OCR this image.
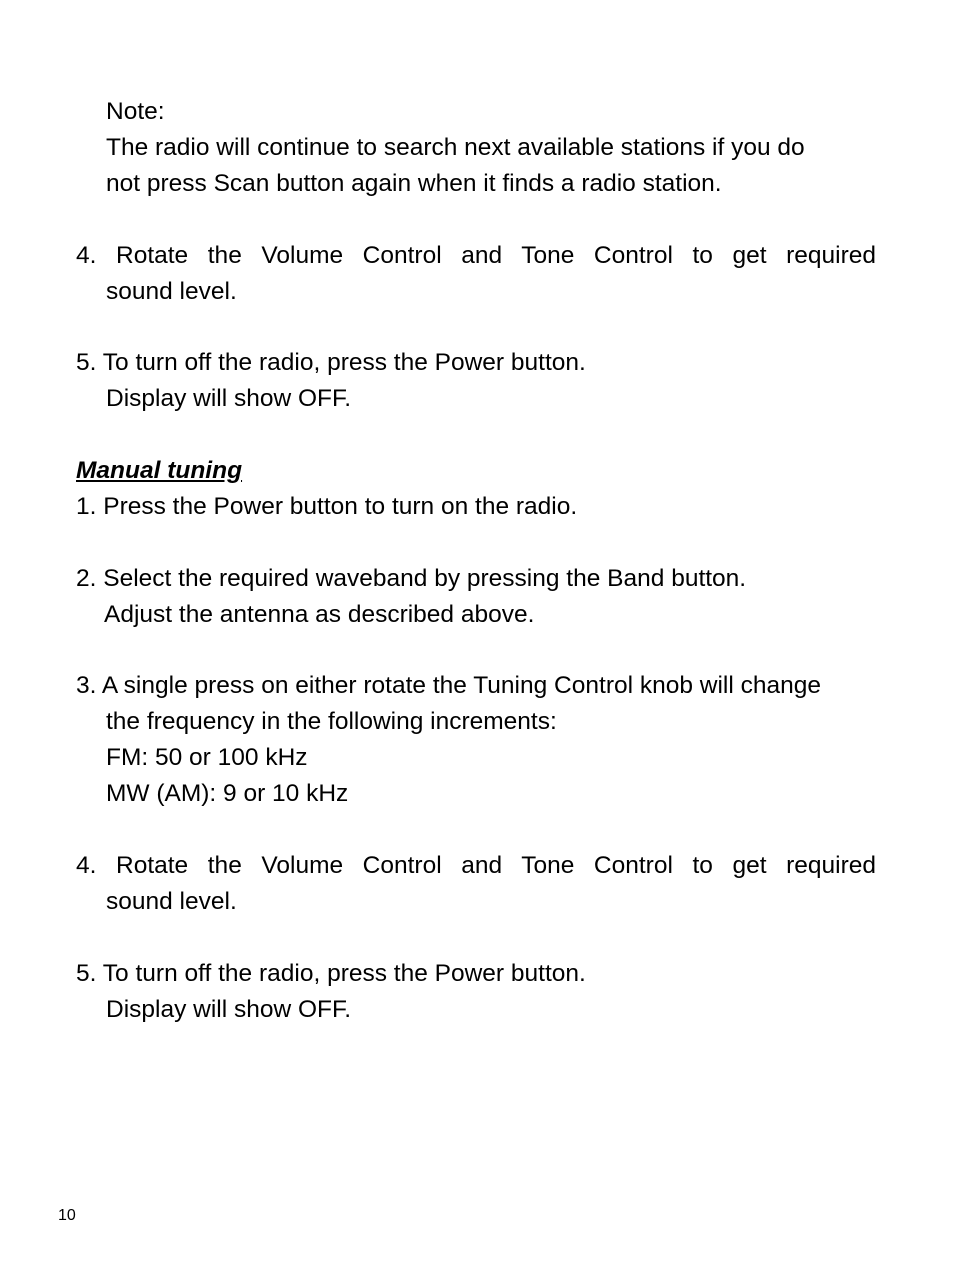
Note:
The radio will continue to search next available stations if you do
not press Scan button again when it finds a radio station.
4. Rotate the Volume Control and Tone Control to get required
sound level.
5. To turn off the radio, press the Power button.
Display will show OFF.
Manual tuning
1. Press the Power button to turn on the radio.
2. Select the required waveband by pressing the Band button.
Adjust the antenna as described above.
3. A single press on either rotate the Tuning Control knob will change
the frequency in the following increments:
FM: 50 or 100 kHz
MW (AM): 9 or 10 kHz
4. Rotate the Volume Control and Tone Control to get required
sound level.
5. To turn off the radio, press the Power button.
Display will show OFF.
10
